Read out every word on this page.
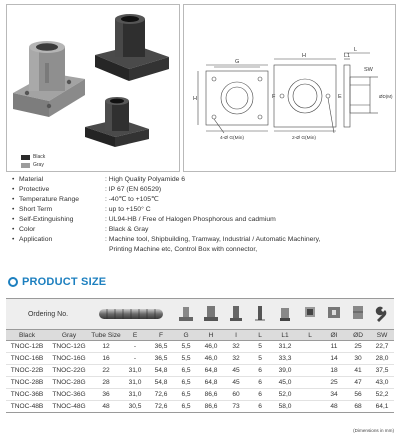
Black
Gray
G
H
H
F	E
L
L1
SW
ØD(M)
4-Ø G(Min)	2-Ø G(Min)
• Material	: High Quality Polyamide 6
• Protective	: IP 67 (EN 60529)
• Temperature Range	: -40℃ to +105℃
• Short Term	: up to +150° C
• Self-Extinguishing	: UL94-HB / Free of Halogen Phosphorous and cadmium
• Color	: Black & Gray
• Application	: Machine tool, Shipbuilding, Tramway, Industrial / Automatic Machinery,
Printing Machine etc, Control Box with connector,
PRODUCT SIZE
Ordering No.	

Black	Gray	Tube Size	E	F	G	H	I	L	L1	L	ØI	ØD	SW
TNOC-12B	TNOC-12G	12	-	36,5	5,5	46,0	32	5	31,2		11	25	22,7
TNOC-16B	TNOC-16G	16	-	36,5	5,5	46,0	32	5	33,3		14	30	28,0
TNOC-22B	TNOC-22G	22	31,0	54,8	6,5	64,8	45	6	39,0		18	41	37,5
TNOC-28B	TNOC-28G	28	31,0	54,8	6,5	64,8	45	6	45,0		25	47	43,0
TNOC-36B	TNOC-36G	36	31,0	72,6	6,5	86,6	60	6	52,0		34	56	52,2
TNOC-48B	TNOC-48G	48	30,5	72,6	6,5	86,6	73	6	58,0		48	68	64,1
(Dimensions in mm)
